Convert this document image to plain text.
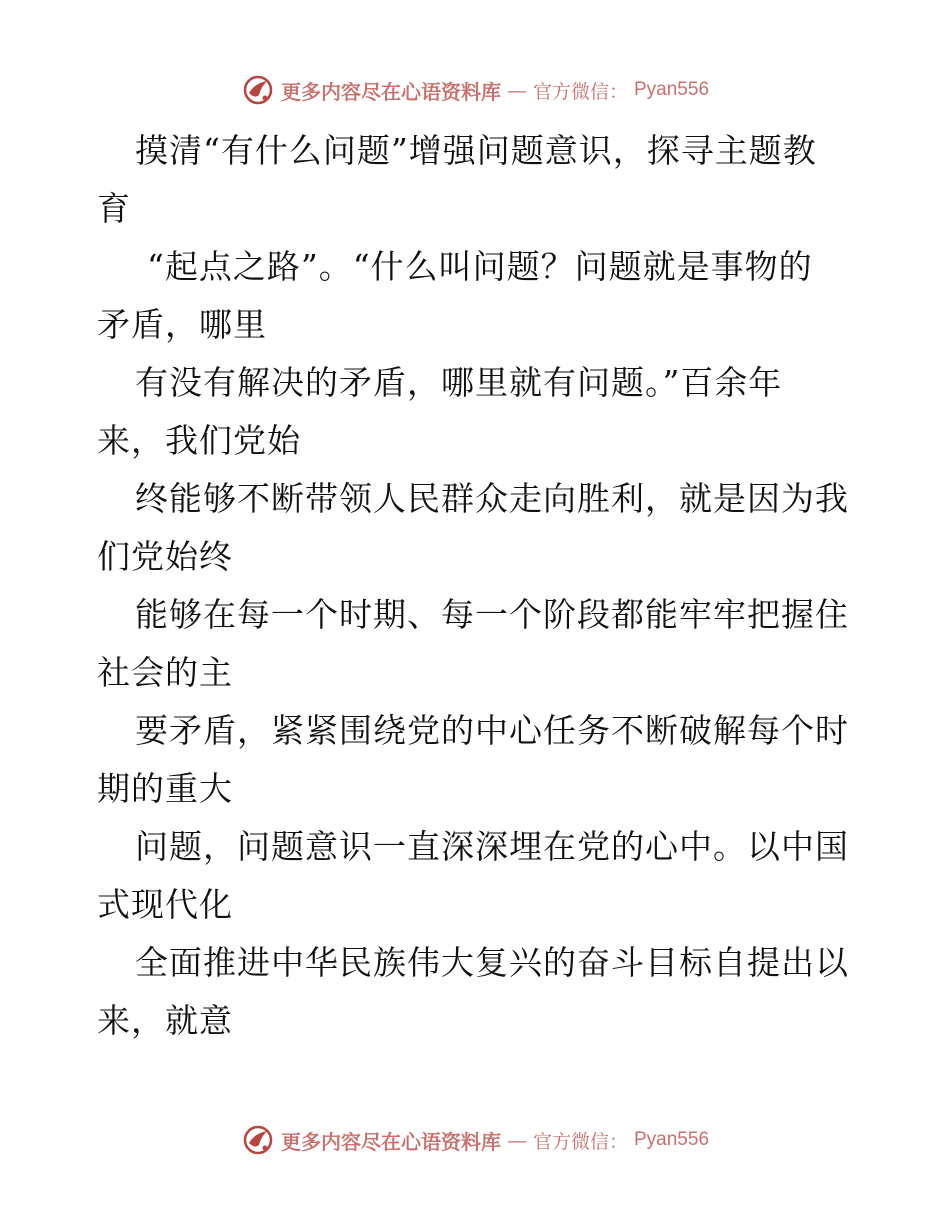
更多内容尽在心语资料库 — 官方微信： Pyan556
摸清“有什么问题”增强问题意识，探寻主题教
育
“起点之路”。“什么叫问题？问题就是事物的
矛盾，哪里
有没有解决的矛盾，哪里就有问题。”百余年
来，我们党始
终能够不断带领人民群众走向胜利，就是因为我
们党始终
能够在每一个时期、每一个阶段都能牢牢把握住
社会的主
要矛盾，紧紧围绕党的中心任务不断破解每个时
期的重大
问题，问题意识一直深深埋在党的心中。以中国
式现代化
全面推进中华民族伟大复兴的奋斗目标自提出以
来，就意
更多内容尽在心语资料库 — 官方微信： Pyan556
